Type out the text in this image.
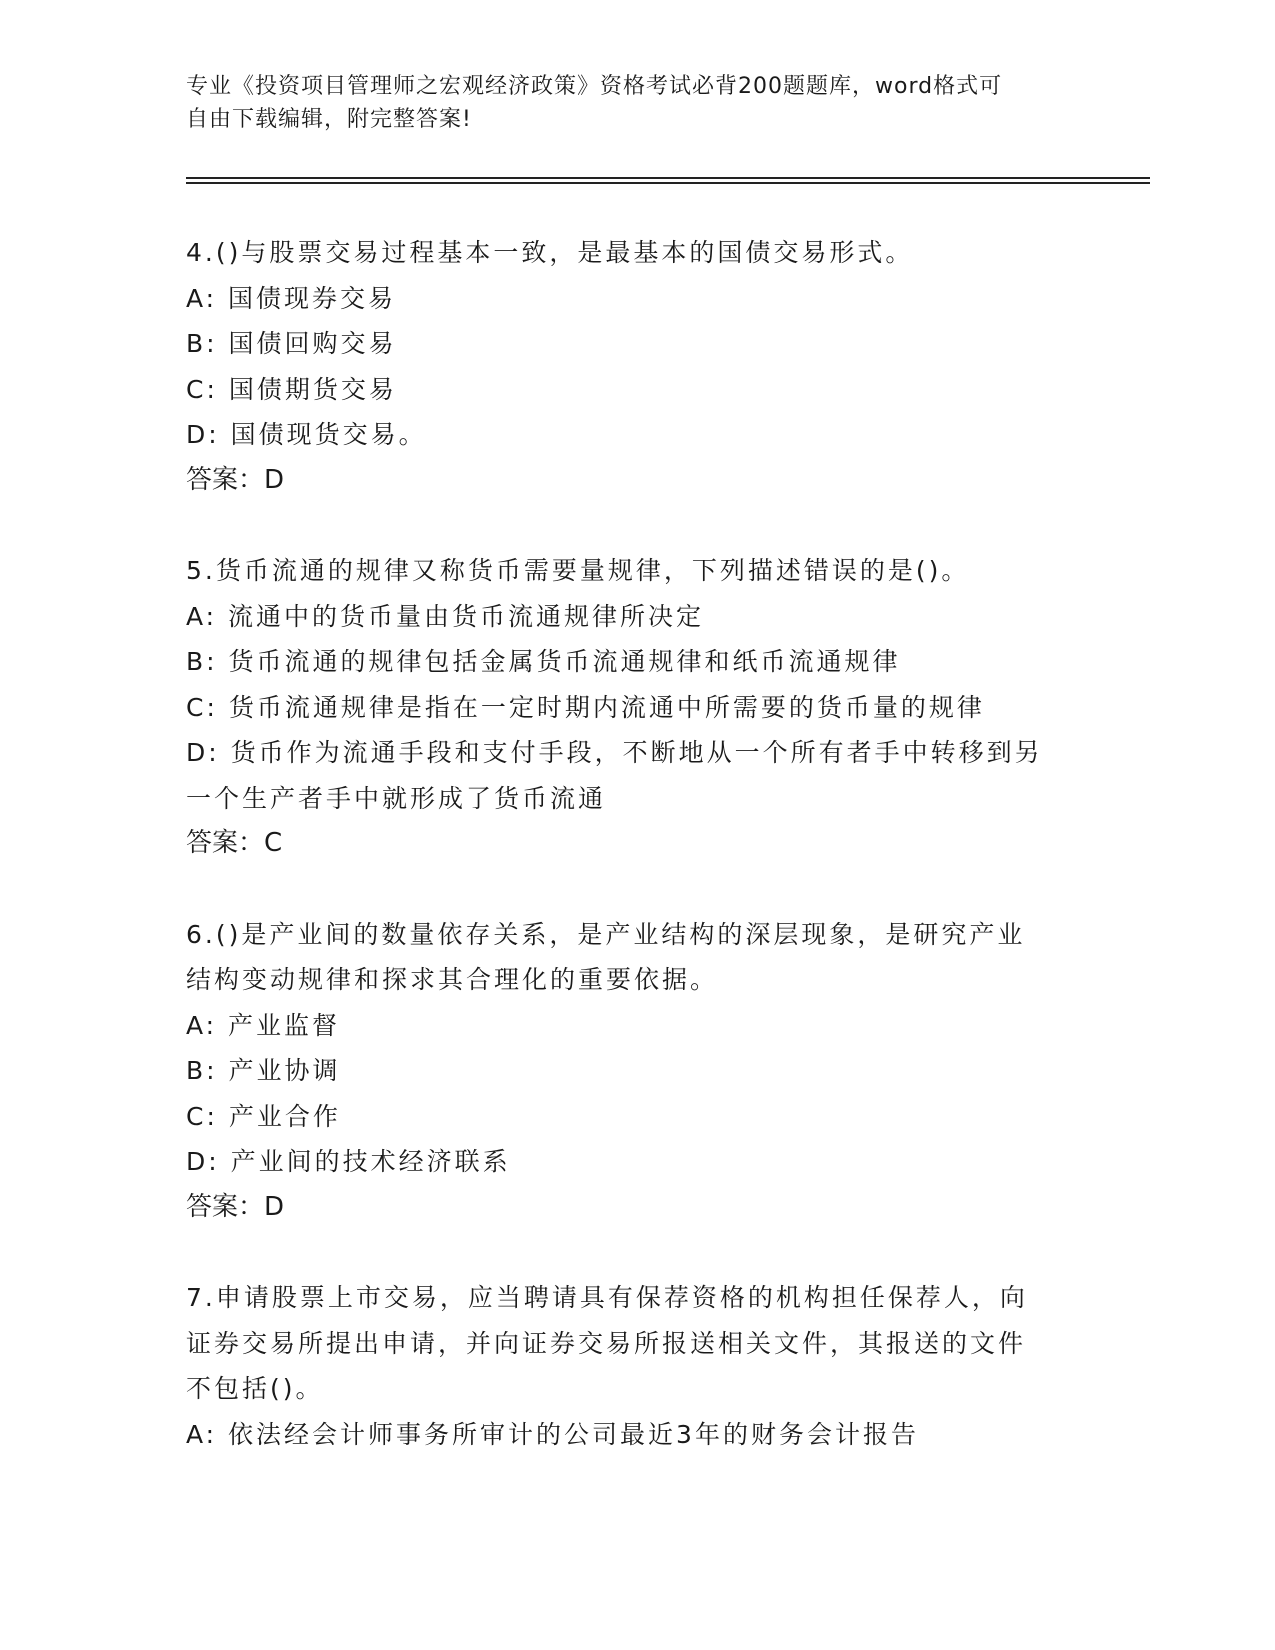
专业《投资项目管理师之宏观经济政策》资格考试必背200题题库，word格式可
自由下载编辑，附完整答案!
4.()与股票交易过程基本一致，是最基本的国债交易形式。
A: 国债现券交易
B: 国债回购交易
C: 国债期货交易
D: 国债现货交易。
答案：D
5.货币流通的规律又称货币需要量规律，下列描述错误的是()。
A: 流通中的货币量由货币流通规律所决定
B: 货币流通的规律包括金属货币流通规律和纸币流通规律
C: 货币流通规律是指在一定时期内流通中所需要的货币量的规律
D: 货币作为流通手段和支付手段，不断地从一个所有者手中转移到另
一个生产者手中就形成了货币流通
答案：C
6.()是产业间的数量依存关系，是产业结构的深层现象，是研究产业
结构变动规律和探求其合理化的重要依据。
A: 产业监督
B: 产业协调
C: 产业合作
D: 产业间的技术经济联系
答案：D
7.申请股票上市交易，应当聘请具有保荐资格的机构担任保荐人，向
证券交易所提出申请，并向证券交易所报送相关文件，其报送的文件
不包括()。
A: 依法经会计师事务所审计的公司最近3年的财务会计报告
